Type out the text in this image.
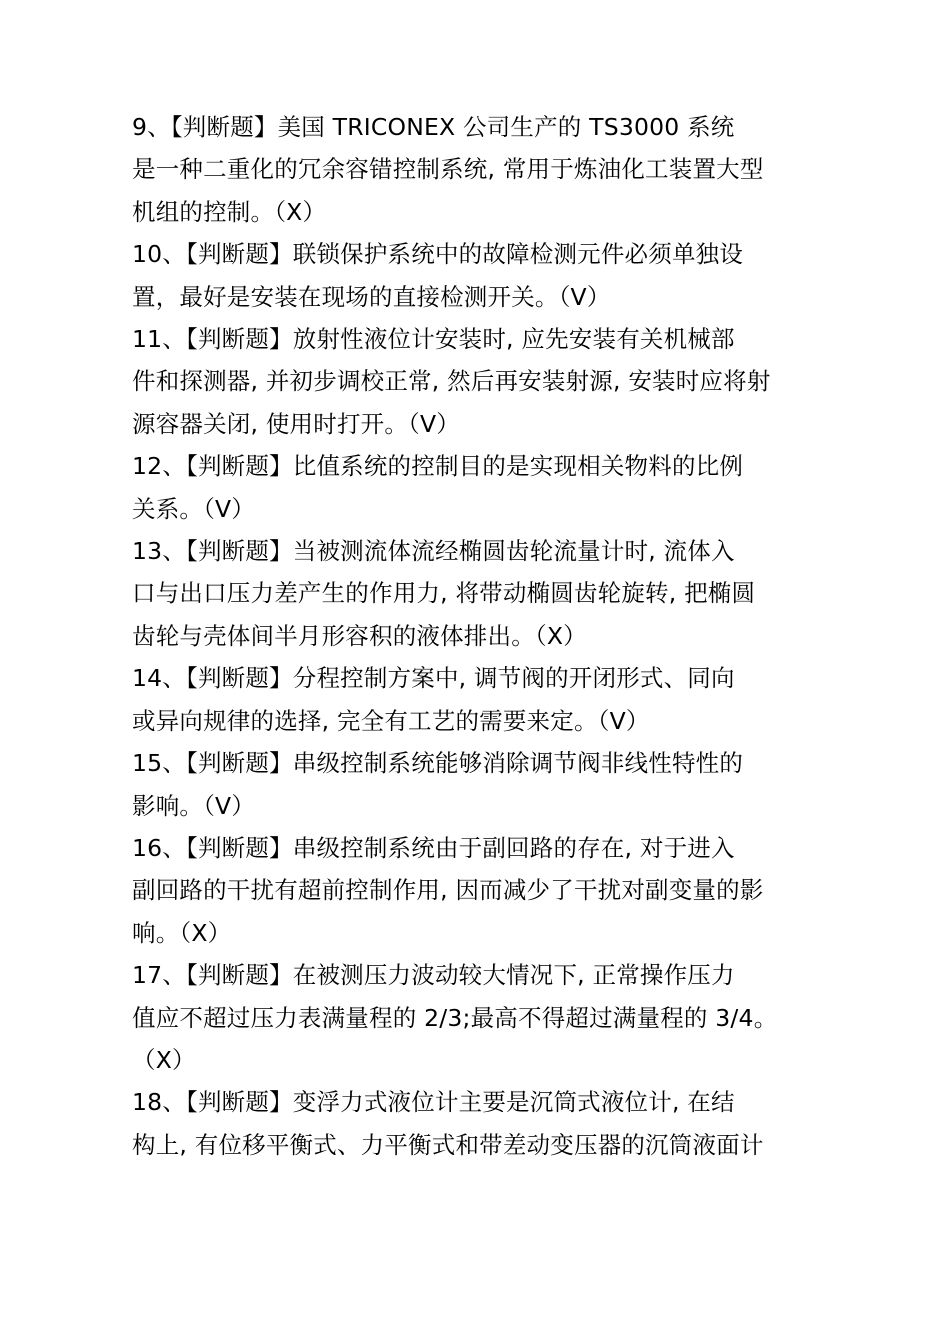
9、【判断题】美国 TRICONEX 公司生产的 TS3000 系统
是一种二重化的冗余容错控制系统, 常用于炼油化工装置大型
机组的控制。（X）
10、【判断题】联锁保护系统中的故障检测元件必须单独设
置，最好是安装在现场的直接检测开关。（V）
11、【判断题】放射性液位计安装时, 应先安装有关机械部
件和探测器, 并初步调校正常, 然后再安装射源, 安装时应将射
源容器关闭, 使用时打开。（V）
12、【判断题】比值系统的控制目的是实现相关物料的比例
关系。（V）
13、【判断题】当被测流体流经椭圆齿轮流量计时, 流体入
口与出口压力差产生的作用力, 将带动椭圆齿轮旋转, 把椭圆
齿轮与壳体间半月形容积的液体排出。（X）
14、【判断题】分程控制方案中, 调节阀的开闭形式、同向
或异向规律的选择, 完全有工艺的需要来定。（V）
15、【判断题】串级控制系统能够消除调节阀非线性特性的
影响。（V）
16、【判断题】串级控制系统由于副回路的存在, 对于进入
副回路的干扰有超前控制作用, 因而减少了干扰对副变量的影
响。（X）
17、【判断题】在被测压力波动较大情况下, 正常操作压力
值应不超过压力表满量程的 2/3;最高不得超过满量程的 3/4。
（X）
18、【判断题】变浮力式液位计主要是沉筒式液位计, 在结
构上, 有位移平衡式、力平衡式和带差动变压器的沉筒液面计
